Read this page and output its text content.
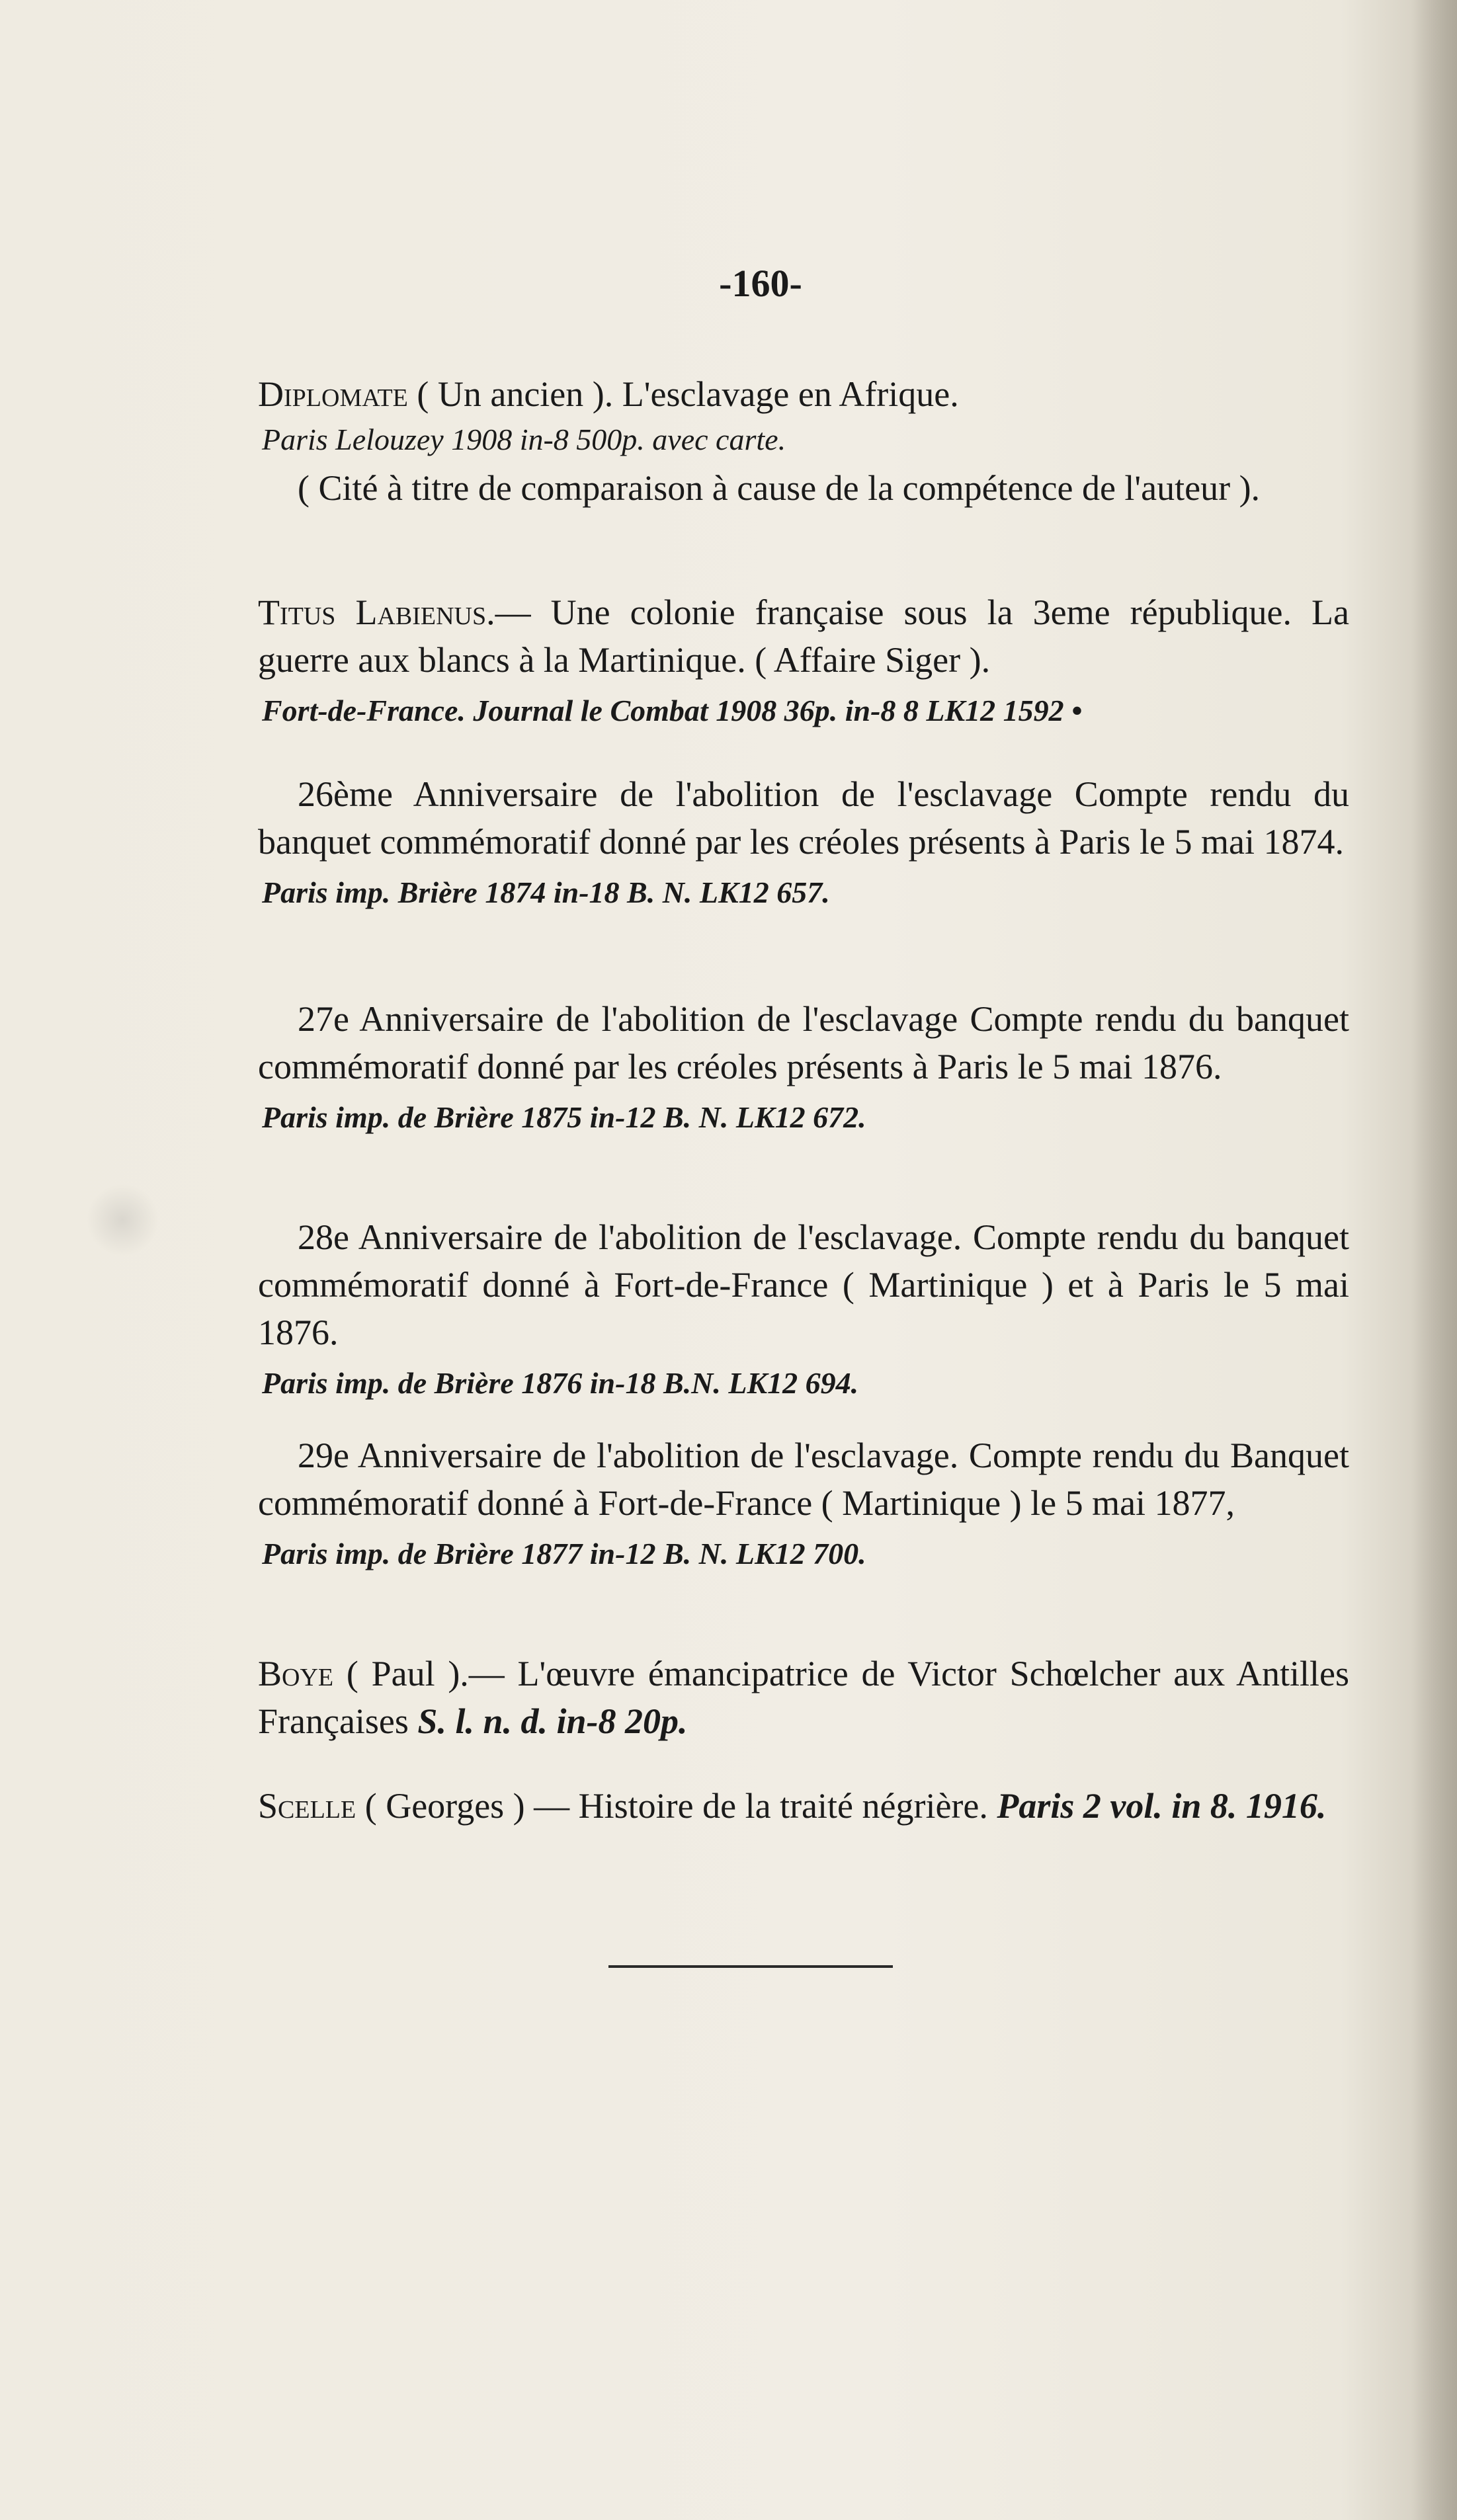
-160-

Diplomate ( Un ancien ). L'esclavage en Afrique.

Paris Lelouzey 1908 in-8 500p. avec carte.

( Cité à titre de comparaison à cause de la compétence de l'auteur ).

Titus Labienus.— Une colonie française sous la 3eme république. La guerre aux blancs à la Martinique. ( Affaire Siger ).

Fort-de-France. Journal le Combat 1908 36p. in-8 8 LK12 1592 •

26ème Anniversaire de l'abolition de l'esclavage Compte rendu du banquet commémoratif donné par les créoles présents à Paris le 5 mai 1874.

Paris imp. Brière 1874 in-18 B. N. LK12 657.

27e Anniversaire de l'abolition de l'esclavage Compte rendu du banquet commémoratif donné par les créoles présents à Paris le 5 mai 1876.

Paris imp. de Brière 1875 in-12 B. N. LK12 672.

28e Anniversaire de l'abolition de l'esclavage. Compte rendu du banquet commémoratif donné à Fort-de-France ( Martinique ) et à Paris le 5 mai 1876.

Paris imp. de Brière 1876 in-18 B.N. LK12 694.

29e Anniversaire de l'abolition de l'esclavage. Compte rendu du Banquet commémoratif donné à Fort-de-France ( Martinique ) le 5 mai 1877,

Paris imp. de Brière 1877 in-12 B. N. LK12 700.

Boye ( Paul ).— L'œuvre émancipatrice de Victor Schœlcher aux Antilles Françaises S. l. n. d. in-8 20p.

Scelle ( Georges ) — Histoire de la traité négrière. Paris 2 vol. in 8. 1916.
